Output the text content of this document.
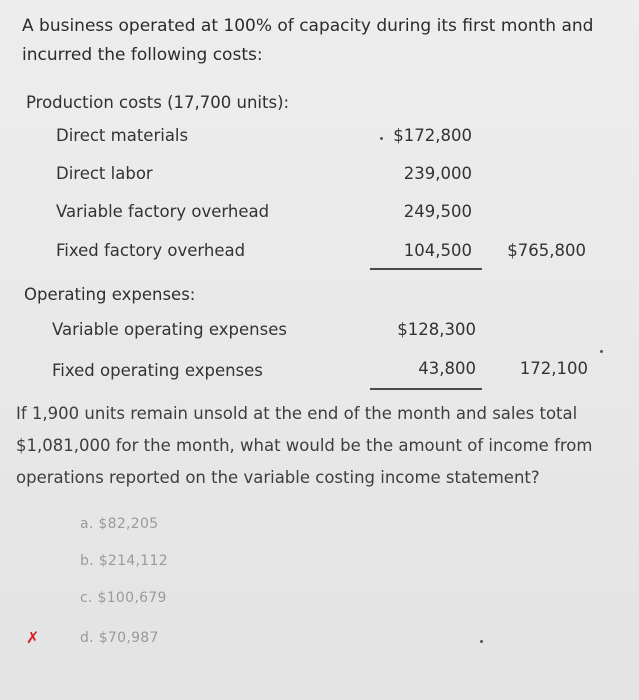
A business operated at 100% of capacity during its first month and incurred the following costs:
Production costs (17,700 units):
Direct materials	$172,800
Direct labor	239,000
Variable factory overhead	249,500
Fixed factory overhead	104,500	$765,800
Operating expenses:
Variable operating expenses	$128,300
Fixed operating expenses	43,800	172,100
If 1,900 units remain unsold at the end of the month and sales total $1,081,000 for the month, what would be the amount of income from operations reported on the variable costing income statement?
a. $82,205
b. $214,112
c. $100,679
✗	d. $70,987
